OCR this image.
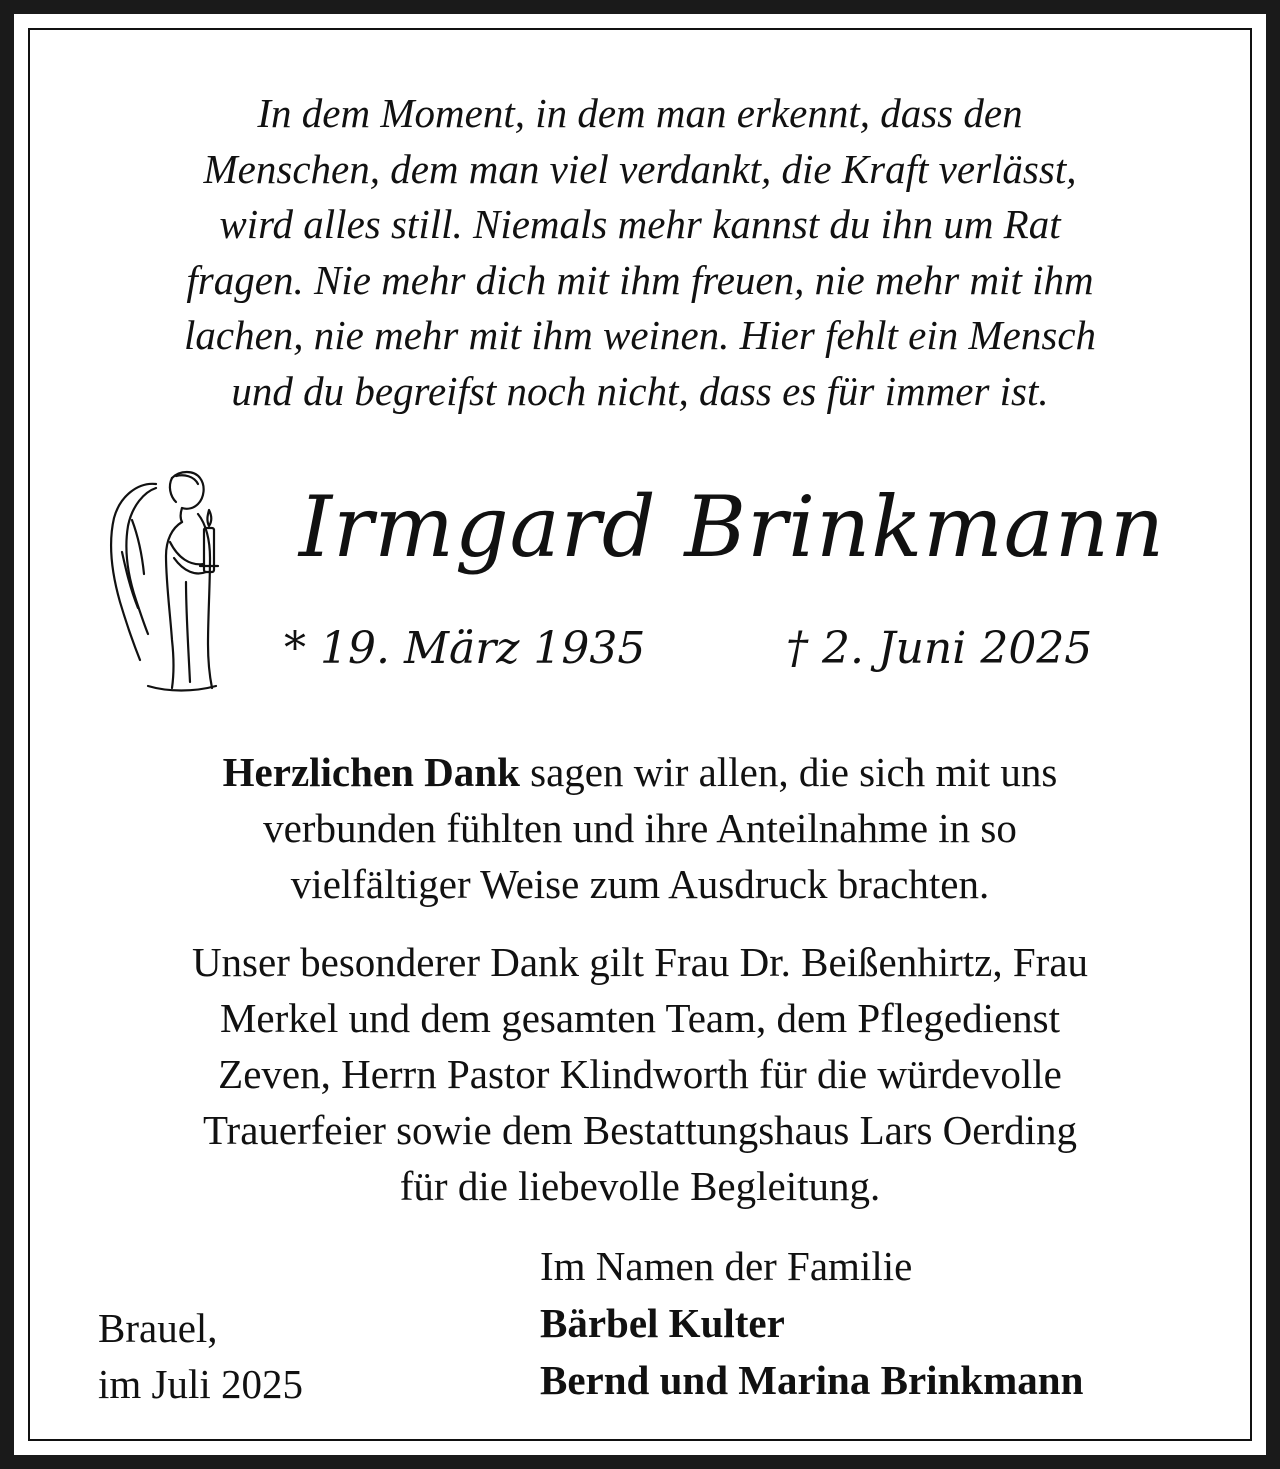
In dem Moment, in dem man erkennt, dass den
Menschen, dem man viel verdankt, die Kraft verlässt,
wird alles still. Niemals mehr kannst du ihn um Rat
fragen. Nie mehr dich mit ihm freuen, nie mehr mit ihm
lachen, nie mehr mit ihm weinen. Hier fehlt ein Mensch
und du begreifst noch nicht, dass es für immer ist.
Irmgard Brinkmann
* 19. März 1935	† 2. Juni 2025
Herzlichen Dank sagen wir allen, die sich mit uns
verbunden fühlten und ihre Anteilnahme in so
vielfältiger Weise zum Ausdruck brachten.
Unser besonderer Dank gilt Frau Dr. Beißenhirtz, Frau
Merkel und dem gesamten Team, dem Pflegedienst
Zeven, Herrn Pastor Klindworth für die würdevolle
Trauerfeier sowie dem Bestattungshaus Lars Oerding
für die liebevolle Begleitung.
Brauel,
im Juli 2025
Im Namen der Familie
Bärbel Kulter
Bernd und Marina Brinkmann
